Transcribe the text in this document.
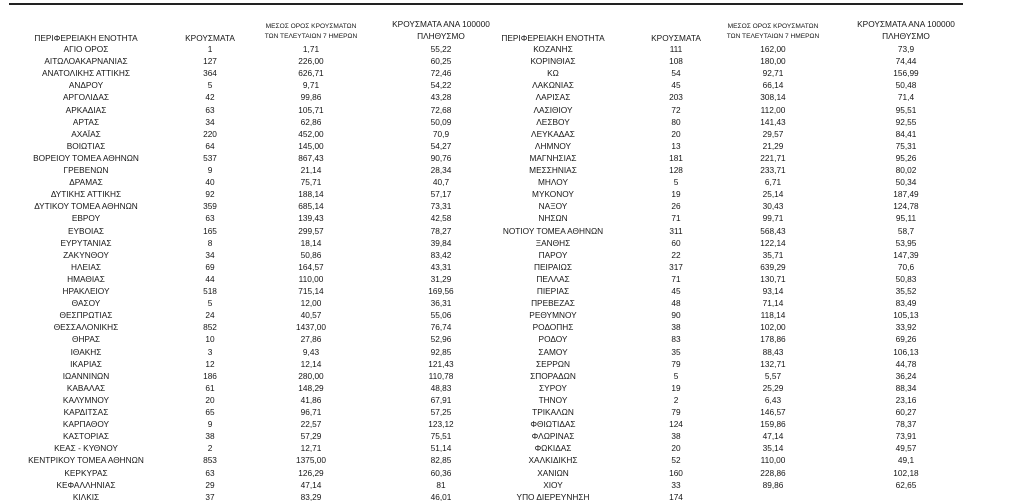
ΠΕΡΙΦΕΡΕΙΑΚΗ ΕΝΟΤΗΤΑ	ΚΡΟΥΣΜΑΤΑ
ΜΕΣΟΣ ΟΡΟΣ ΚΡΟΥΣΜΑΤΩΝ
ΤΩΝ ΤΕΛΕΥΤΑΙΩΝ 7 ΗΜΕΡΩΝ
ΚΡΟΥΣΜΑΤΑ ΑΝΑ 100000
ΠΛΗΘΥΣΜΟ	ΠΕΡΙΦΕΡΕΙΑΚΗ ΕΝΟΤΗΤΑ	ΚΡΟΥΣΜΑΤΑ
ΜΕΣΟΣ ΟΡΟΣ ΚΡΟΥΣΜΑΤΩΝ
ΤΩΝ ΤΕΛΕΥΤΑΙΩΝ 7 ΗΜΕΡΩΝ
ΚΡΟΥΣΜΑΤΑ ΑΝΑ 100000
ΠΛΗΘΥΣΜΟ
ΑΓΙΟ ΟΡΟΣ	1	1,71	55,22
ΑΙΤΩΛΟΑΚΑΡΝΑΝΙΑΣ	127	226,00	60,25
ΑΝΑΤΟΛΙΚΗΣ ΑΤΤΙΚΗΣ	364	626,71	72,46
ΑΝΔΡΟΥ	5	9,71	54,22
ΑΡΓΟΛΙΔΑΣ	42	99,86	43,28
ΑΡΚΑΔΙΑΣ	63	105,71	72,68
ΑΡΤΑΣ	34	62,86	50,09
ΑΧΑΪΑΣ	220	452,00	70,9
ΒΟΙΩΤΙΑΣ	64	145,00	54,27
ΒΟΡΕΙΟΥ ΤΟΜΕΑ ΑΘΗΝΩΝ	537	867,43	90,76
ΓΡΕΒΕΝΩΝ	9	21,14	28,34
ΔΡΑΜΑΣ	40	75,71	40,7
ΔΥΤΙΚΗΣ ΑΤΤΙΚΗΣ	92	188,14	57,17
ΔΥΤΙΚΟΥ ΤΟΜΕΑ ΑΘΗΝΩΝ	359	685,14	73,31
ΕΒΡΟΥ	63	139,43	42,58
ΕΥΒΟΙΑΣ	165	299,57	78,27
ΕΥΡΥΤΑΝΙΑΣ	8	18,14	39,84
ΖΑΚΥΝΘΟΥ	34	50,86	83,42
ΗΛΕΙΑΣ	69	164,57	43,31
ΗΜΑΘΙΑΣ	44	110,00	31,29
ΗΡΑΚΛΕΙΟΥ	518	715,14	169,56
ΘΑΣΟΥ	5	12,00	36,31
ΘΕΣΠΡΩΤΙΑΣ	24	40,57	55,06
ΘΕΣΣΑΛΟΝΙΚΗΣ	852	1437,00	76,74
ΘΗΡΑΣ	10	27,86	52,96
ΙΘΑΚΗΣ	3	9,43	92,85
ΙΚΑΡΙΑΣ	12	12,14	121,43
ΙΩΑΝΝΙΝΩΝ	186	280,00	110,78
ΚΑΒΑΛΑΣ	61	148,29	48,83
ΚΑΛΥΜΝΟΥ	20	41,86	67,91
ΚΑΡΔΙΤΣΑΣ	65	96,71	57,25
ΚΑΡΠΑΘΟΥ	9	22,57	123,12
ΚΑΣΤΟΡΙΑΣ	38	57,29	75,51
ΚΕΑΣ - ΚΥΘΝΟΥ	2	12,71	51,14
ΚΕΝΤΡΙΚΟΥ ΤΟΜΕΑ ΑΘΗΝΩΝ	853	1375,00	82,85
ΚΕΡΚΥΡΑΣ	63	126,29	60,36
ΚΕΦΑΛΛΗΝΙΑΣ	29	47,14	81
ΚΙΛΚΙΣ	37	83,29	46,01
ΚΟΖΑΝΗΣ	111	162,00	73,9
ΚΟΡΙΝΘΙΑΣ	108	180,00	74,44
ΚΩ	54	92,71	156,99
ΛΑΚΩΝΙΑΣ	45	66,14	50,48
ΛΑΡΙΣΑΣ	203	308,14	71,4
ΛΑΣΙΘΙΟΥ	72	112,00	95,51
ΛΕΣΒΟΥ	80	141,43	92,55
ΛΕΥΚΑΔΑΣ	20	29,57	84,41
ΛΗΜΝΟΥ	13	21,29	75,31
ΜΑΓΝΗΣΙΑΣ	181	221,71	95,26
ΜΕΣΣΗΝΙΑΣ	128	233,71	80,02
ΜΗΛΟΥ	5	6,71	50,34
ΜΥΚΟΝΟΥ	19	25,14	187,49
ΝΑΞΟΥ	26	30,43	124,78
ΝΗΣΩΝ	71	99,71	95,11
ΝΟΤΙΟΥ ΤΟΜΕΑ ΑΘΗΝΩΝ	311	568,43	58,7
ΞΑΝΘΗΣ	60	122,14	53,95
ΠΑΡΟΥ	22	35,71	147,39
ΠΕΙΡΑΙΩΣ	317	639,29	70,6
ΠΕΛΛΑΣ	71	130,71	50,83
ΠΙΕΡΙΑΣ	45	93,14	35,52
ΠΡΕΒΕΖΑΣ	48	71,14	83,49
ΡΕΘΥΜΝΟΥ	90	118,14	105,13
ΡΟΔΟΠΗΣ	38	102,00	33,92
ΡΟΔΟΥ	83	178,86	69,26
ΣΑΜΟΥ	35	88,43	106,13
ΣΕΡΡΩΝ	79	132,71	44,78
ΣΠΟΡΑΔΩΝ	5	5,57	36,24
ΣΥΡΟΥ	19	25,29	88,34
ΤΗΝΟΥ	2	6,43	23,16
ΤΡΙΚΑΛΩΝ	79	146,57	60,27
ΦΘΙΩΤΙΔΑΣ	124	159,86	78,37
ΦΛΩΡΙΝΑΣ	38	47,14	73,91
ΦΩΚΙΔΑΣ	20	35,14	49,57
ΧΑΛΚΙΔΙΚΗΣ	52	110,00	49,1
ΧΑΝΙΩΝ	160	228,86	102,18
ΧΙΟΥ	33	89,86	62,65
ΥΠΟ ΔΙΕΡΕΥΝΗΣΗ	174
